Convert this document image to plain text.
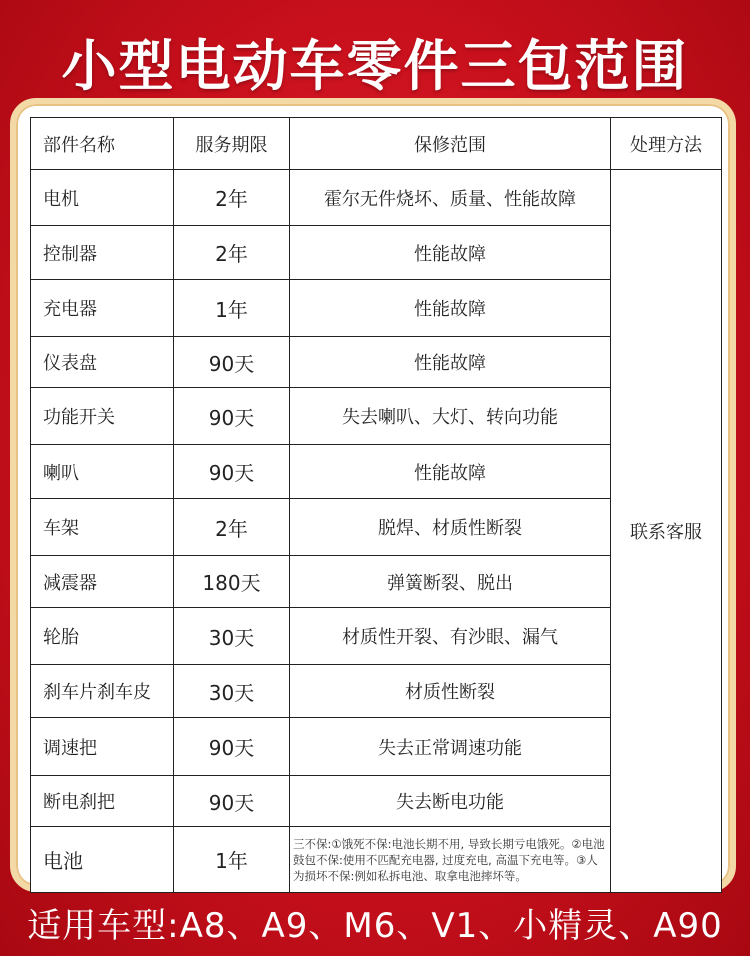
小型电动车零件三包范围
部件名称	服务期限	保修范围	处理方法
电机	2年	霍尔无件烧坏、质量、性能故障	联系客服
控制器	2年	性能故障	
充电器	1年	性能故障	
仪表盘	90天	性能故障	
功能开关	90天	失去喇叭、大灯、转向功能	
喇叭	90天	性能故障	
车架	2年	脱焊、材质性断裂	
减震器	180天	弹簧断裂、脱出	
轮胎	30天	材质性开裂、有沙眼、漏气	
刹车片刹车皮	30天	材质性断裂	
调速把	90天	失去正常调速功能	
断电刹把	90天	失去断电功能	
电池	1年	三不保:①饿死不保:电池长期不用, 导致长期亏电饿死。②电池鼓包不保:使用不匹配充电器, 过度充电, 高温下充电等。③人为损坏不保:例如私拆电池、取拿电池摔坏等。	
适用车型:A8、A9、M6、V1、小精灵、A90
